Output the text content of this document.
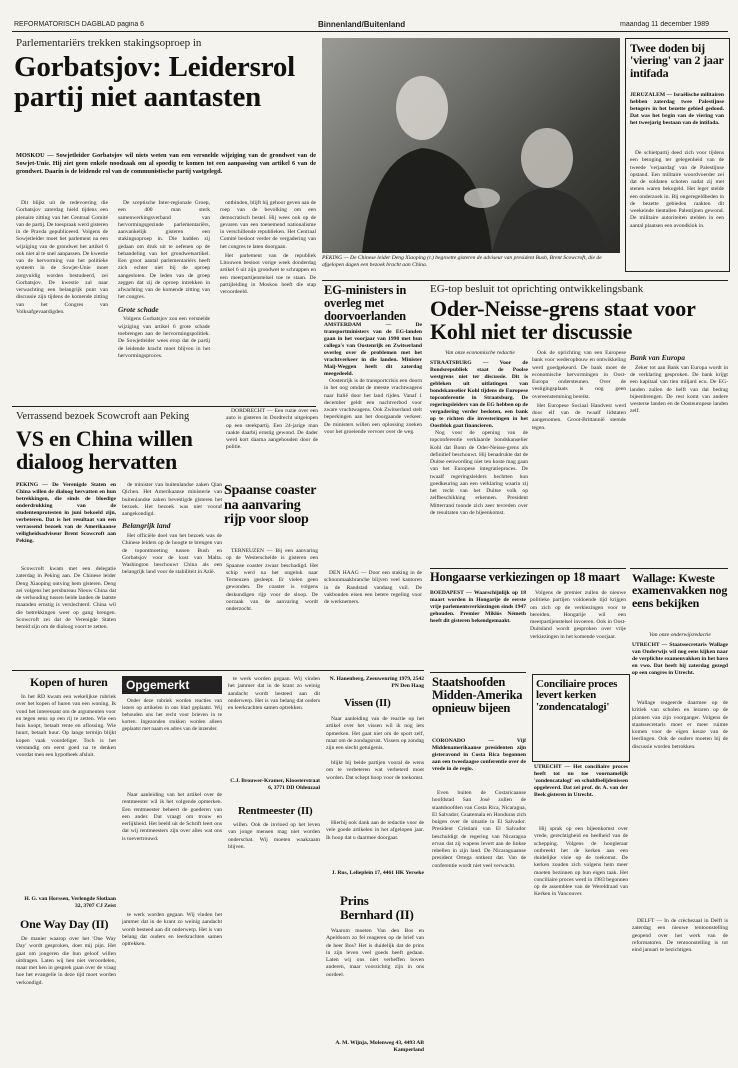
REFORMATORISCH DAGBLAD pagina 6	Binnenland/Buitenland	maandag 11 december 1989
Parlementariërs trekken stakingsoproep in
Gorbatsjov: Leidersrol partij niet aantasten
MOSKOU — Sowjetleider Gorbatsjov wil niets weten van een versnelde wijziging van de grondwet van de Sowjet-Unie. Hij ziet geen enkele noodzaak om al spoedig te komen tot een aanpassing van artikel 6 van de grondwet. Daarin is de leidende rol van de communistische partij vastgelegd.

Dit blijkt uit de redevoering die Gorbatsjov zaterdag hield tijdens een plenaire zitting van het Centraal Comité van de partij. De toespraak werd gisteren in de Pravda gepubliceerd. Volgens de Sowjetleider moet het parlement na een wijziging van de grondwet het artikel 6 ook niet al te snel aanpassen. De kwestie van de hervorming van het politieke systeem in de Sowjet-Unie moet zorgvuldig worden bestudeerd, zei Gorbatsjov. De kwestie zal naar verwachting een belangrijk punt van discussie zijn tijdens de komende zitting van het Congres van Volksafgevaardigden.

De sceptische Inter-regionale Groep, een 400 man sterk samenwerkingsverband van hervormingsgezinde parlementariërs, aanvankelijk gisteren een stakingsoproep in. Die hadden zij gedaan om druk uit te oefenen op de behandeling van het grondwetsartikel. Een groot aantal parlementariërs heeft zich echter niet bij de oproep aangesloten. De leden van de groep zeggen dat zij de oproep intrekken in afwachting van de komende zitting van het congres.

Grote schade

Volgens Gorbatsjov zou een versnelde wijziging van artikel 6 grote schade toebrengen aan de hervormingspolitiek. De Sowjetleider wees erop dat de partij de leidende kracht moet blijven in het hervormingsproces.

ontbinden, blijft hij gehoor geven aan de roep van de bevolking om een democratisch bestel. Hij wees ook op de gevaren van een toenemend nationalisme in verschillende republieken. Het Centraal Comité besloot verder de vergadering van het congres te laten doorgaan.

Het parlement van de republiek Litouwen besloot vorige week donderdag artikel 6 uit zijn grondwet te schrappen en een meerpartijenstelsel toe te staan. De partijleiding in Moskou heeft die stap veroordeeld.

PEKING — De Chinese leider Deng Xiaoping (r.) begroette gisteren de adviseur van president Bush, Brent Scowcroft, die de afgelopen dagen een bezoek bracht aan China.
Twee doden bij 'viering' van 2 jaar intifada
JERUZALEM — Israëlische militairen hebben zaterdag twee Palestijnse betogers in het bezette gebied gedood. Dat was het begin van de viering van het tweejarig bestaan van de intifada.

De schietpartij deed zich voor tijdens een betoging ter gelegenheid van de tweede 'verjaardag' van de Palestijnse opstand. Een militaire woordvoerder zei dat de soldaten schoten nadat zij met stenen waren bekogeld. Het leger stelde een onderzoek in. Bij ongeregeldheden in de bezette gebieden raakten dit weekeinde tientallen Palestijnen gewond. De militaire autoriteiten stelden in een aantal plaatsen een avondklok in.

EG-ministers in overleg met doorvoerlanden
AMSTERDAM — De transportministers van de EG-landen gaan in het voorjaar van 1990 met hun collega's van Oostenrijk en Zwitserland overleg over de problemen met het vrachtverkeer in die landen. Minister Maij-Weggen heeft dit zaterdag meegedeeld.

Oostenrijk is de transportcrisis een doorn in het oog omdat de meeste vrachtwagens naar Italië door het land rijden. Vanaf 1 december geldt een nachtverbod voor zware vrachtwagens. Ook Zwitserland stelt beperkingen aan het doorgaande verkeer. De ministers willen een oplossing zoeken voor het groeiende vervoer over de weg.

EG-top besluit tot oprichting ontwikkelingsbank
Oder-Neisse-grens staat voor Kohl niet ter discussie
Van onze economische redactie
STRAATSBURG — Voor de Bondsrepubliek staat de Poolse westgrens niet ter discussie. Dit is gebleken uit uitlatingen van bondskanselier Kohl tijdens de Europese topconferentie in Straatsburg. De regeringsleiders van de EG hebben op de vergadering verder besloten, een bank op te richten die investeringen in het Oostblok gaat financieren.

Nog voor de opening van de topconferentie verklaarde bondskanselier Kohl dat Bonn de Oder-Neisse-grens als definitief beschouwt. Hij benadrukte dat de Duitse eenwording niet ten koste mag gaan van het Europese integratieproces. De twaalf regeringsleiders hechtten hun goedkeuring aan een verklaring waarin zij het recht van het Duitse volk op zelfbeschikking erkennen. President Mitterrand toonde zich zeer tevreden over de resultaten van de bijeenkomst.

Ook de oprichting van een Europese bank voor wederopbouw en ontwikkeling werd goedgekeurd. De bank moet de economische hervormingen in Oost-Europa ondersteunen. Over de vestigingsplaats is nog geen overeenstemming bereikt.

Het Europese Sociaal Handvest werd door elf van de twaalf lidstaten aangenomen. Groot-Brittannië stemde tegen.

Bank van Europa

Zeker tot aan Bank van Europa wordt in de verklaring gesproken. De bank krijgt een kapitaal van tien miljard ecu. De EG-landen zullen de helft van dat bedrag bijeenbrengen. De rest komt van andere westerse landen en de Oosteuropese landen zelf.

Verrassend bezoek Scowcroft aan Peking
VS en China willen dialoog hervatten
PEKING — De Verenigde Staten en China willen de dialoog hervatten en hun betrekkingen, die sinds de bloedige onderdrukking van de studentenprotesten in juni bekoeld zijn, verbeteren. Dat is het resultaat van een verrassend bezoek van de Amerikaanse veiligheidsadviseur Brent Scowcroft aan Peking.

Scowcroft kwam met een delegatie zaterdag in Peking aan. De Chinese leider Deng Xiaoping ontving hem gisteren. Deng zei volgens het persbureau Nieuw China dat de verhouding tussen beide landen de laatste maanden ernstig is verslechterd. China wil die betrekkingen weer op gang brengen. Scowcroft zei dat de Verenigde Staten bereid zijn om de dialoog voort te zetten.

de minister van buitenlandse zaken Qian Qichen. Het Amerikaanse ministerie van buitenlandse zaken bevestigde gisteren het bezoek. Het bezoek was niet vooraf aangekondigd.

Belangrijk land

Het officiële doel van het bezoek was de Chinese leiders op de hoogte te brengen van de topontmoeting tussen Bush en Gorbatsjov voor de kust van Malta. Washington beschouwt China als een belangrijk land voor de stabiliteit in Azië.

DORDRECHT — Een ruzie over een auto is gisteren in Dordrecht uitgelopen op een steekpartij. Een 24-jarige man raakte daarbij ernstig gewond. De dader werd kort daarna aangehouden door de politie.

Spaanse coaster na aanvaring rijp voor sloop

TERNEUZEN — Bij een aanvaring op de Westerschelde is gisteren een Spaanse coaster zwaar beschadigd. Het schip werd na het ongeluk naar Terneuzen gesleept. Er vielen geen gewonden. De coaster is volgens deskundigen rijp voor de sloop. De oorzaak van de aanvaring wordt onderzocht.

DEN HAAG — Door een staking in de schoonmaakbranche blijven veel kantoren in de Randstad vandaag vuil. De vakbonden eisen een betere regeling voor de werknemers.

Hongaarse verkiezingen op 18 maart
BOEDAPEST — Waarschijnlijk op 18 maart worden in Hongarije de eerste vrije parlementsverkiezingen sinds 1947 gehouden. Premier Miklós Németh heeft dit gisteren bekendgemaakt.

Volgens de premier zullen de nieuwe politieke partijen voldoende tijd krijgen om zich op de verkiezingen voor te bereiden. Hongarije wil een meerpartijenstelsel invoeren. Ook in Oost-Duitsland wordt gesproken over vrije verkiezingen in het komende voorjaar.

Wallage: Kweste examenvakken nog eens bekijken
Van onze onderwijsredactie
UTRECHT — Staatssecretaris Wallage van Onderwijs wil nog eens kijken naar de verplichte examenvakken in het havo en vwo. Dat heeft hij zaterdag gezegd op een congres in Utrecht.

Wallage reageerde daarmee op de kritiek van scholen en leraren op de plannen van zijn voorganger. Volgens de staatssecretaris moet er meer ruimte komen voor de eigen keuze van de leerlingen. Ook de ouders moeten bij de discussie worden betrokken.

Kopen of huren

In het RD kwam een wekelijkse rubriek over het kopen of huren van een woning. Ik vond het interessant om de argumenten voor en tegen eens op een rij te zetten. Wie een huis koopt, betaalt rente en aflossing. Wie huurt, betaalt huur. Op lange termijn blijkt kopen vaak voordeliger. Toch is het verstandig om eerst goed na te denken voordat men een hypotheek afsluit.

H. G. van Horssen, Verlengde Slotlaan 32, 3707 CJ Zeist
One Way Day (II)

De manier waarop over het 'One Way Day' wordt gesproken, doet mij pijn. Het gaat om jongeren die hun geloof willen uitdragen. Laten wij hen niet veroordelen, maar met hen in gesprek gaan over de vraag hoe het evangelie in deze tijd moet worden verkondigd.

Opgemerkt

Onder deze rubriek worden reacties van lezers op artikelen in ons blad geplaatst. Wij behouden ons het recht voor brieven in te korten. Ingezonden stukken worden alleen geplaatst met naam en adres van de inzender.

Naar aanleiding van het artikel over de rentmeester wil ik het volgende opmerken. Een rentmeester beheert de goederen van een ander. Dat vraagt om trouw en eerlijkheid. Het beeld uit de Schrift leert ons dat wij rentmeesters zijn over alles wat ons is toevertrouwd.

te werk worden gegaan. Wij vinden het jammer dat in de krant zo weinig aandacht wordt besteed aan dit onderwerp. Het is van belang dat ouders en leerkrachten samen optrekken.

te werk worden gegaan. Wij vinden het jammer dat in de krant zo weinig aandacht wordt besteed aan dit onderwerp. Het is van belang dat ouders en leerkrachten samen optrekken.

C.J. Brouwer-Kramer, Kloosterstraat 6, 3771 DD Oldenzaal
Rentmeester (II)

willen. Ook de invloed op het leven van jonge mensen mag niet worden onderschat. Wij moeten waakzaam blijven.

N. Hanenberg, Zeeuwenring 1979, 2542 PN Den Haag
Vissen (II)

Naar aanleiding van de reactie op het artikel over het vissen wil ik nog iets opmerken. Het gaat niet om de sport zelf, maar om de zondagsrust. Vissers op zondag zijn een slecht getuigenis.

blijkt bij beide partijen vooral de wens om te verbeteren wat verbeterd moet worden. Dat schept hoop voor de toekomst.

Hierbij ook dank aan de redactie voor de vele goede artikelen in het afgelopen jaar. Ik hoop dat u daarmee doorgaat.

J. Rus, Lelieplein 17, 4461 HK Yerseke
Prins Bernhard (II)

Waarom moeten Van den Bos en Apeldoorn zo fel reageren op de brief van de heer Bos? Het is duidelijk dat de prins in zijn leven veel goeds heeft gedaan. Laten wij ons niet verheffen boven anderen, maar voorzichtig zijn in ons oordeel.

A. M. Wijnja, Molenweg 43, 4493 AB Kamperland
Staatshoofden Midden-Amerika opnieuw bijeen
CORONADO — Vijf Middenamerikaanse presidenten zijn gisteravond in Costa Rica begonnen aan een tweedaagse conferentie over de vrede in de regio.

Even buiten de Costaricaanse hoofdstad San José zullen de staatshoofden van Costa Rica, Nicaragua, El Salvador, Guatemala en Honduras zich buigen over de situatie in El Salvador. President Cristiani van El Salvador beschuldigt de regering van Nicaragua ervan dat zij wapens levert aan de linkse rebellen in zijn land. De Nicaraguaanse president Ortega ontkent dat. Van de conferentie wordt niet veel verwacht.

Conciliaire proces levert kerken 'zondencatalogi'
UTRECHT — Het conciliaire proces heeft tot nu toe voornamelijk 'zondencatalogi' en schuldbelijdenissen opgeleverd. Dat zei prof. dr. A. van der Beek gisteren in Utrecht.

Hij sprak op een bijeenkomst over vrede, gerechtigheid en heelheid van de schepping. Volgens de hoogleraar ontbreekt het de kerken aan een duidelijke visie op de toekomst. De kerken zouden zich volgens hem meer moeten bezinnen op hun eigen taak. Het conciliaire proces werd in 1983 begonnen op de assemblee van de Wereldraad van Kerken in Vancouver.

DELFT — In de crèchezaal in Delft is zaterdag een nieuwe tentoonstelling geopend over het werk van de reformatoren. De tentoonstelling is tot eind januari te bezichtigen.
